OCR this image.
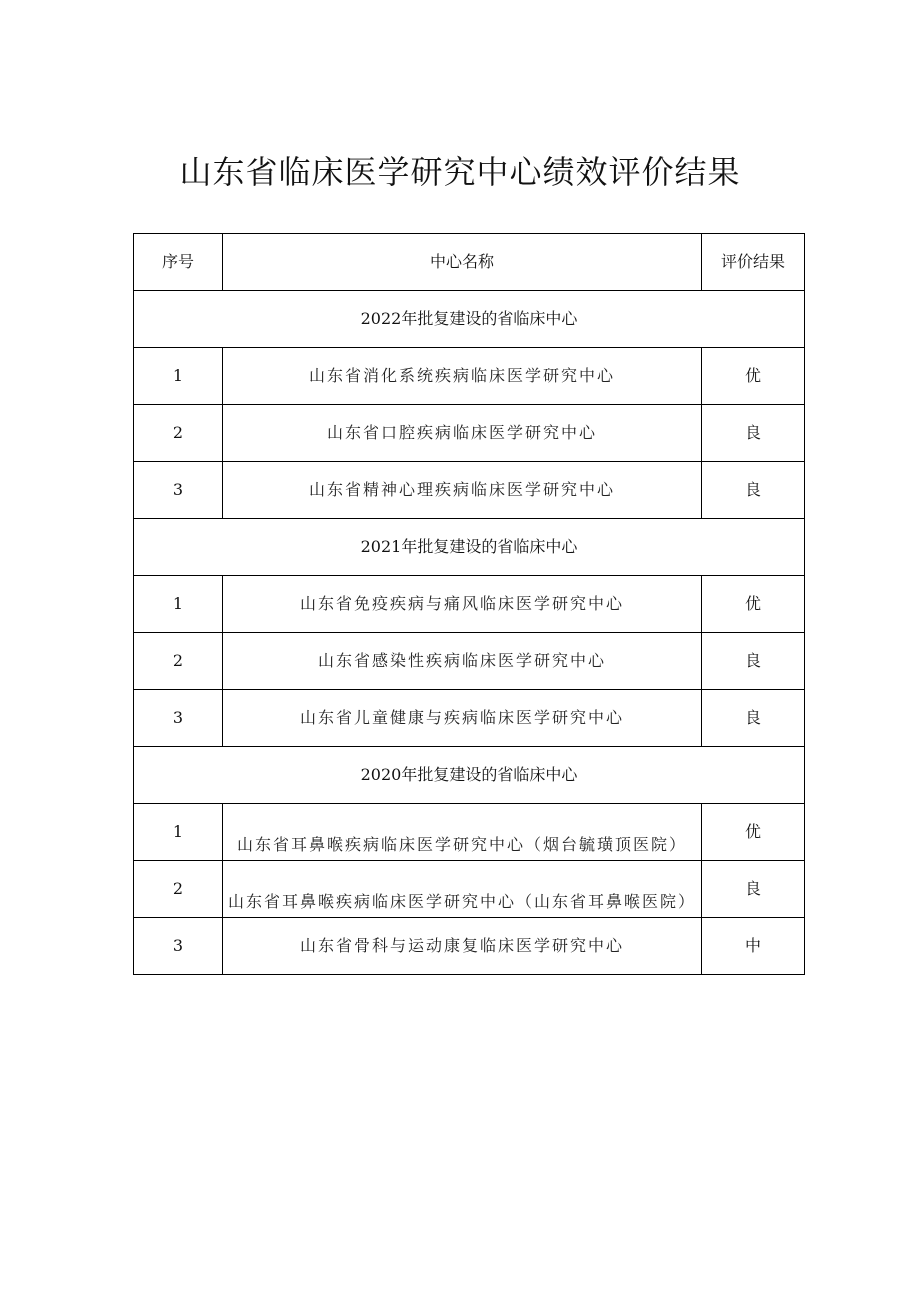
山东省临床医学研究中心绩效评价结果
序号	中心名称	评价结果
2022年批复建设的省临床中心		
1	山东省消化系统疾病临床医学研究中心	优
2	山东省口腔疾病临床医学研究中心	良
3	山东省精神心理疾病临床医学研究中心	良
2021年批复建设的省临床中心		
1	山东省免疫疾病与痛风临床医学研究中心	优
2	山东省感染性疾病临床医学研究中心	良
3	山东省儿童健康与疾病临床医学研究中心	良
2020年批复建设的省临床中心		
1	山东省耳鼻喉疾病临床医学研究中心（烟台毓璜顶医院）	优
2	山东省耳鼻喉疾病临床医学研究中心（山东省耳鼻喉医院）	良
3	山东省骨科与运动康复临床医学研究中心	中
